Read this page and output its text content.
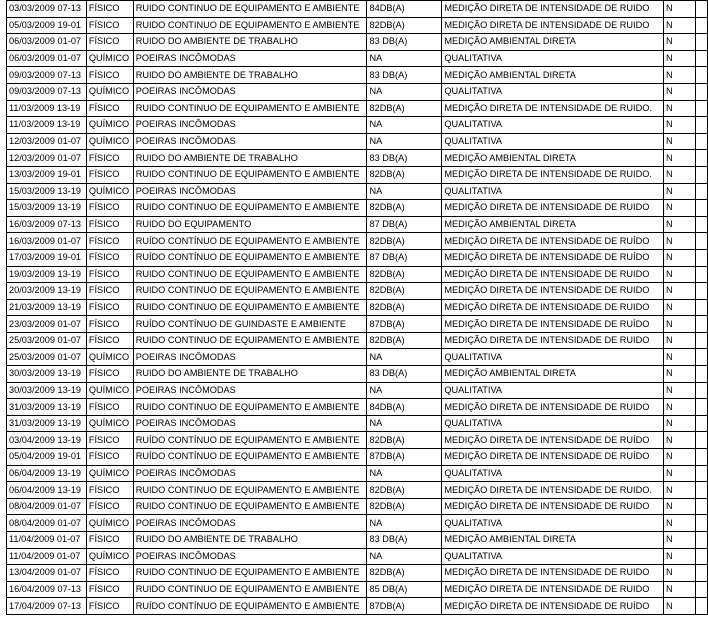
03/03/2009 07-13	FÍSICO	RUIDO CONTINUO DE EQUIPAMENTO E AMBIENTE	84DB(A)	MEDIÇÃO DIRETA DE INTENSIDADE DE RUIDO	N	
05/03/2009 19-01	FÍSICO	RUIDO CONTINUO DE EQUIPAMENTO E AMBIENTE	82DB(A)	MEDIÇÃO DIRETA DE INTENSIDADE DE RUIDO	N	
06/03/2009 01-07	FÍSICO	RUIDO DO AMBIENTE DE TRABALHO	83 DB(A)	MEDIÇÃO AMBIENTAL DIRETA	N	
06/03/2009 01-07	QUÍMICO	POEIRAS INCÔMODAS	NA	QUALITATIVA	N	
09/03/2009 07-13	FÍSICO	RUIDO DO AMBIENTE DE TRABALHO	83 DB(A)	MEDIÇÃO AMBIENTAL DIRETA	N	
09/03/2009 07-13	QUÍMICO	POEIRAS INCÔMODAS	NA	QUALITATIVA	N	
11/03/2009 13-19	FÍSICO	RUIDO CONTINUO DE EQUIPAMENTO E AMBIENTE	82DB(A)	MEDIÇÃO DIRETA DE INTENSIDADE DE RUIDO.	N	
11/03/2009 13-19	QUÍMICO	POEIRAS INCÔMODAS	NA	QUALITATIVA	N	
12/03/2009 01-07	QUÍMICO	POEIRAS INCÔMODAS	NA	QUALITATIVA	N	
12/03/2009 01-07	FÍSICO	RUIDO DO AMBIENTE DE TRABALHO	83 DB(A)	MEDIÇÃO AMBIENTAL DIRETA	N	
13/03/2009 19-01	FÍSICO	RUIDO CONTINUO DE EQUIPAMENTO E AMBIENTE	82DB(A)	MEDIÇÃO DIRETA DE INTENSIDADE DE RUIDO.	N	
15/03/2009 13-19	QUÍMICO	POEIRAS INCÔMODAS	NA	QUALITATIVA	N	
15/03/2009 13-19	FÍSICO	RUIDO CONTINUO DE EQUIPAMENTO E AMBIENTE	82DB(A)	MEDIÇÃO DIRETA DE INTENSIDADE DE RUIDO	N	
16/03/2009 07-13	FÍSICO	RUIDO DO EQUIPAMENTO	87 DB(A)	MEDIÇÃO AMBIENTAL DIRETA	N	
16/03/2009 01-07	FÍSICO	RUÍDO CONTÍNUO DE EQUIPAMENTO E AMBIENTE	82DB(A)	MEDIÇÃO DIRETA DE INTENSIDADE DE RUÍDO	N	
17/03/2009 19-01	FÍSICO	RUÍDO CONTÍNUO DE EQUIPAMENTO E AMBIENTE	87 DB(A)	MEDIÇÃO DIRETA DE INTENSIDADE DE RUÍDO	N	
19/03/2009 13-19	FÍSICO	RUIDO CONTINUO DE EQUIPAMENTO E AMBIENTE	82DB(A)	MEDIÇÃO DIRETA DE INTENSIDADE DE RUIDO	N	
20/03/2009 13-19	FÍSICO	RUIDO CONTINUO DE EQUIPAMENTO E AMBIENTE	82DB(A)	MEDIÇÃO DIRETA DE INTENSIDADE DE RUIDO	N	
21/03/2009 13-19	FÍSICO	RUIDO CONTINUO DE EQUIPAMENTO E AMBIENTE	82DB(A)	MEDIÇÃO DIRETA DE INTENSIDADE DE RUIDO	N	
23/03/2009 01-07	FÍSICO	RUÍDO CONTÍNUO DE GUINDASTE E AMBIENTE	87DB(A)	MEDIÇÃO DIRETA DE INTENSIDADE DE RUÍDO	N	
25/03/2009 01-07	FÍSICO	RUIDO CONTINUO DE EQUIPAMENTO E AMBIENTE	82DB(A)	MEDIÇÃO DIRETA DE INTENSIDADE DE RUIDO	N	
25/03/2009 01-07	QUÍMICO	POEIRAS INCÔMODAS	NA	QUALITATIVA	N	
30/03/2009 13-19	FÍSICO	RUIDO DO AMBIENTE DE TRABALHO	83 DB(A)	MEDIÇÃO AMBIENTAL DIRETA	N	
30/03/2009 13-19	QUÍMICO	POEIRAS INCÔMODAS	NA	QUALITATIVA	N	
31/03/2009 13-19	FÍSICO	RUIDO CONTINUO DE EQUIPAMENTO E AMBIENTE	84DB(A)	MEDIÇÃO DIRETA DE INTENSIDADE DE RUIDO	N	
31/03/2009 13-19	QUÍMICO	POEIRAS INCÔMODAS	NA	QUALITATIVA	N	
03/04/2009 13-19	FÍSICO	RUÍDO CONTÍNUO DE EQUIPAMENTO E AMBIENTE	82DB(A)	MEDIÇÃO DIRETA DE INTENSIDADE DE RUÍDO	N	
05/04/2009 19-01	FÍSICO	RUÍDO CONTÍNUO DE EQUIPAMENTO E AMBIENTE	87DB(A)	MEDIÇÃO DIRETA DE INTENSIDADE DE RUÍDO	N	
06/04/2009 13-19	QUÍMICO	POEIRAS INCÔMODAS	NA	QUALITATIVA	N	
06/04/2009 13-19	FÍSICO	RUIDO CONTINUO DE EQUIPAMENTO E AMBIENTE	82DB(A)	MEDIÇÃO DIRETA DE INTENSIDADE DE RUIDO.	N	
08/04/2009 01-07	FÍSICO	RUIDO CONTINUO DE EQUIPAMENTO E AMBIENTE	82DB(A)	MEDIÇÃO DIRETA DE INTENSIDADE DE RUIDO	N	
08/04/2009 01-07	QUÍMICO	POEIRAS INCÔMODAS	NA	QUALITATIVA	N	
11/04/2009 01-07	FÍSICO	RUIDO DO AMBIENTE DE TRABALHO	83 DB(A)	MEDIÇÃO AMBIENTAL DIRETA	N	
11/04/2009 01-07	QUÍMICO	POEIRAS INCÔMODAS	NA	QUALITATIVA	N	
13/04/2009 01-07	FÍSICO	RUIDO CONTINUO DE EQUIPAMENTO E AMBIENTE	82DB(A)	MEDIÇÃO DIRETA DE INTENSIDADE DE RUIDO	N	
16/04/2009 07-13	FÍSICO	RUIDO CONTINUO DE EQUIPAMENTO E AMBIENTE	85 DB(A)	MEDIÇÃO DIRETA DE INTENSIDADE DE RUIDO	N	
17/04/2009 07-13	FÍSICO	RUÍDO CONTÍNUO DE EQUIPAMENTO E AMBIENTE	87DB(A)	MEDIÇÃO DIRETA DE INTENSIDADE DE RUÍDO	N	
